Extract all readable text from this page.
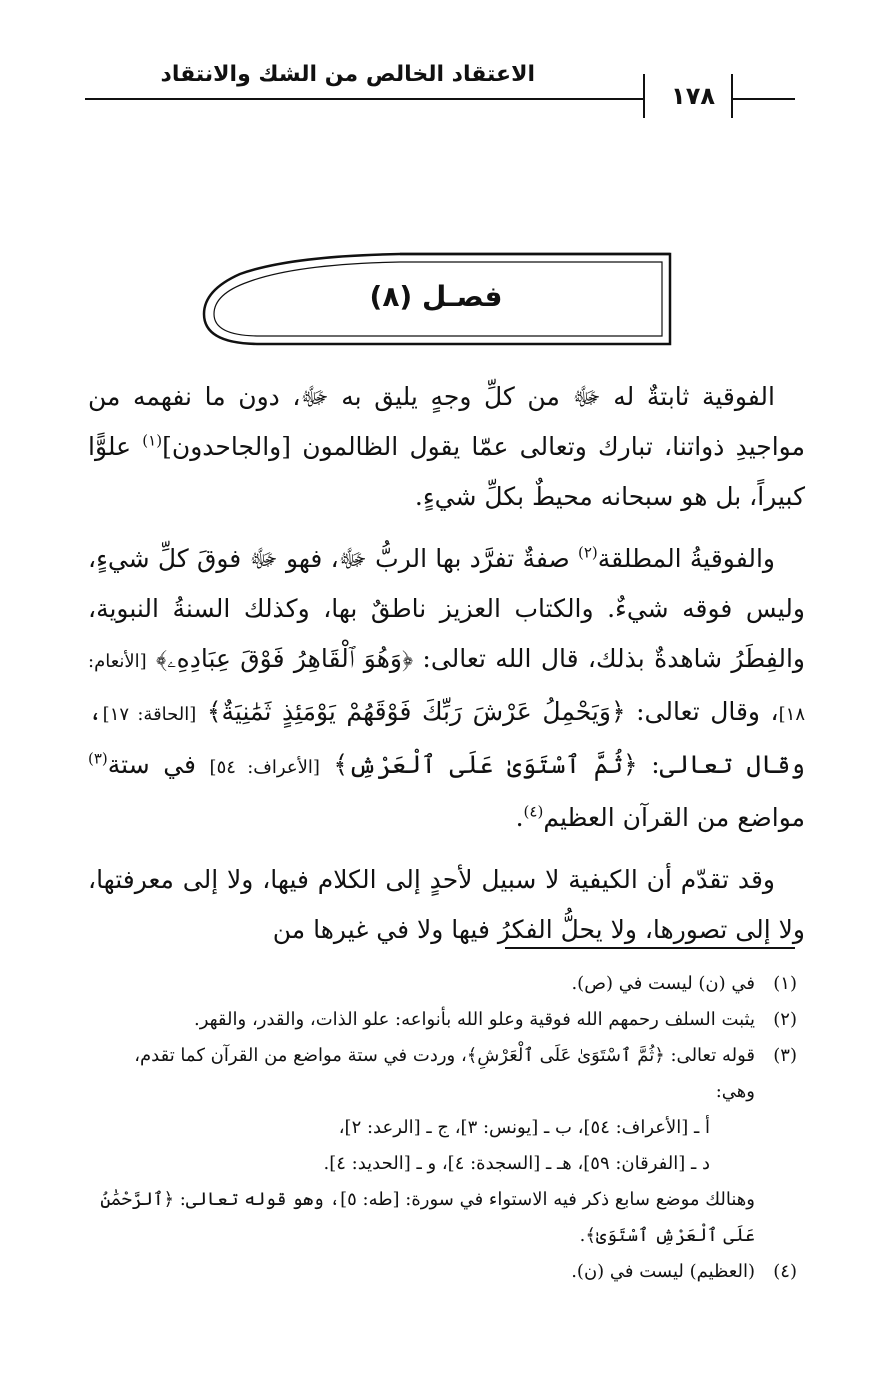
الاعتقاد الخالص من الشك والانتقاد
١٧٨
فصـل (٨)

الفوقية ثابتةٌ له ﷻ من كلِّ وجهٍ يليق به ﷻ، دون ما نفهمه من مواجيدِ ذواتنا، تبارك وتعالى عمّا يقول الظالمون [والجاحدون]$^{(١)}$ علوًّا كبيراً، بل هو سبحانه محيطٌ بكلِّ شيءٍ.

والفوقيةُ المطلقة$^{(٢)}$ صفةٌ تفرَّد بها الربُّ ﷻ، فهو ﷻ فوقَ كلِّ شيءٍ، وليس فوقه شيءٌ. والكتاب العزيز ناطقٌ بها، وكذلك السنةُ النبوية، والفِطَرُ شاهدةٌ بذلك، قال الله تعالى: ﴿وَهُوَ ٱلْقَاهِرُ فَوْقَ عِبَادِهِۦ﴾ [الأنعام: ١٨]، وقال تعالى: ﴿وَيَحْمِلُ عَرْشَ رَبِّكَ فَوْقَهُمْ يَوْمَئِذٍ ثَمَٰنِيَةٌ﴾ [الحاقة: ١٧]، وقال تعالى: ﴿ثُمَّ ٱسْتَوَىٰ عَلَى ٱلْعَرْشِ﴾ [الأعراف: ٥٤] في ستة$^{(٣)}$ مواضع من القرآن العظيم$^{(٤)}$.

وقد تقدّم أن الكيفية لا سبيل لأحدٍ إلى الكلام فيها، ولا إلى معرفتها، ولا إلى تصورها، ولا يحلُّ الفكرُ فيها ولا في غيرها من

(١)

في (ن) ليست في (ص).

(٢)

يثبت السلف رحمهم الله فوقية وعلو الله بأنواعه: علو الذات، والقدر، والقهر.

(٣)

قوله تعالى: ﴿ثُمَّ ٱسْتَوَىٰ عَلَى ٱلْعَرْشِ﴾، وردت في ستة مواضع من القرآن كما تقدم، وهي:

أ ـ [الأعراف: ٥٤]، ب ـ [يونس: ٣]، ج ـ [الرعد: ٢]،

د ـ [الفرقان: ٥٩]، هـ ـ [السجدة: ٤]، و ـ [الحديد: ٤].

وهنالك موضع سابع ذكر فيه الاستواء في سورة: [طه: ٥]، وهو قوله تعالى: ﴿ٱلرَّحْمَٰنُ عَلَى ٱلْعَرْشِ ٱسْتَوَىٰ﴾.

(٤)

(العظيم) ليست في (ن).
